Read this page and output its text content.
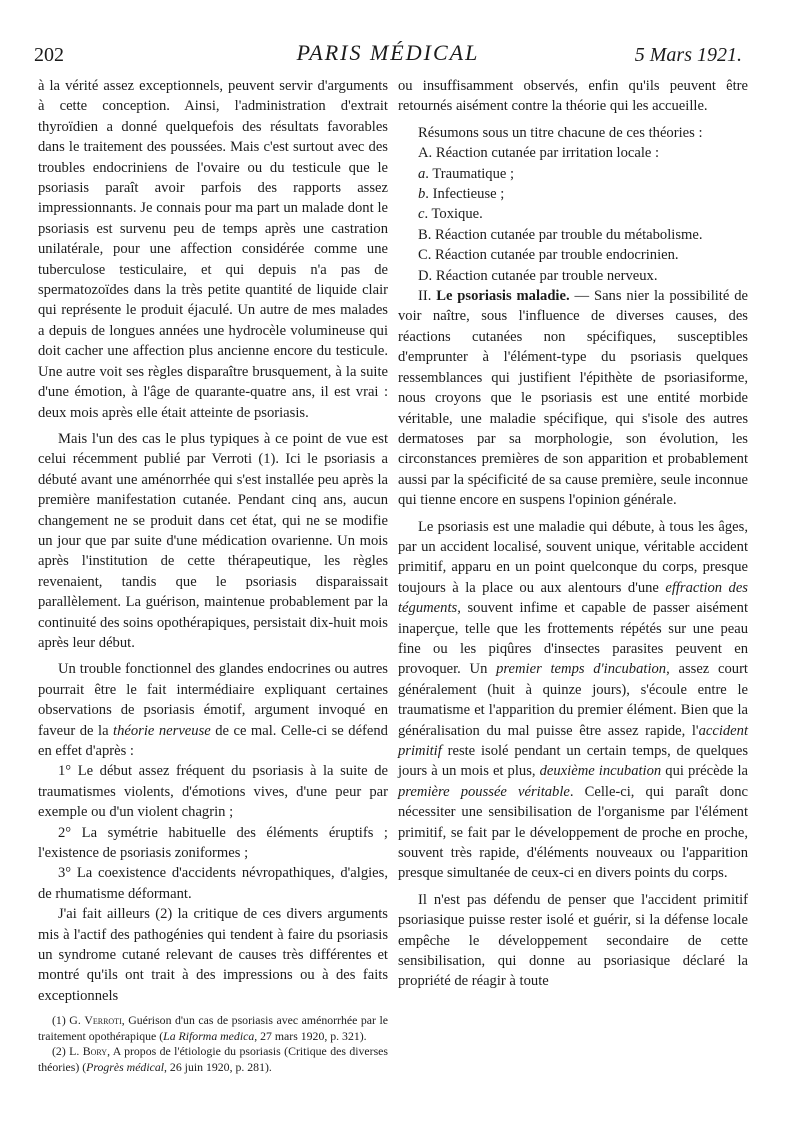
202	PARIS MÉDICAL	5 Mars 1921.

à la vérité assez exceptionnels, peuvent servir d'arguments à cette conception. Ainsi, l'administration d'extrait thyroïdien a donné quelquefois des résultats favorables dans le traitement des poussées. Mais c'est surtout avec des troubles endocriniens de l'ovaire ou du testicule que le psoriasis paraît avoir parfois des rapports assez impressionnants. Je connais pour ma part un malade dont le psoriasis est survenu peu de temps après une castration unilatérale, pour une affection considérée comme une tuberculose testiculaire, et qui depuis n'a pas de spermatozoïdes dans la très petite quantité de liquide clair qui représente le produit éjaculé. Un autre de mes malades a depuis de longues années une hydrocèle volumineuse qui doit cacher une affection plus ancienne encore du testicule. Une autre voit ses règles disparaître brusquement, à la suite d'une émotion, à l'âge de quarante-quatre ans, il est vrai : deux mois après elle était atteinte de psoriasis.

Mais l'un des cas le plus typiques à ce point de vue est celui récemment publié par Verroti (1). Ici le psoriasis a débuté avant une aménorrhée qui s'est installée peu après la première manifestation cutanée. Pendant cinq ans, aucun changement ne se produit dans cet état, qui ne se modifie un jour que par suite d'une médication ovarienne. Un mois après l'institution de cette thérapeutique, les règles revenaient, tandis que le psoriasis disparaissait parallèlement. La guérison, maintenue probablement par la continuité des soins opothérapiques, persistait dix-huit mois après leur début.

Un trouble fonctionnel des glandes endocrines ou autres pourrait être le fait intermédiaire expliquant certaines observations de psoriasis émotif, argument invoqué en faveur de la théorie nerveuse de ce mal. Celle-ci se défend en effet d'après :

1° Le début assez fréquent du psoriasis à la suite de traumatismes violents, d'émotions vives, d'une peur par exemple ou d'un violent chagrin ;

2° La symétrie habituelle des éléments éruptifs ; l'existence de psoriasis zoniformes ;

3° La coexistence d'accidents névropathiques, d'algies, de rhumatisme déformant.

J'ai fait ailleurs (2) la critique de ces divers arguments mis à l'actif des pathogénies qui tendent à faire du psoriasis un syndrome cutané relevant de causes très différentes et montré qu'ils ont trait à des impressions ou à des faits exceptionnels

(1) G. Verroti, Guérison d'un cas de psoriasis avec aménorrhée par le traitement opothérapique (La Riforma medica, 27 mars 1920, p. 321).

(2) L. Bory, A propos de l'étiologie du psoriasis (Critique des diverses théories) (Progrès médical, 26 juin 1920, p. 281).

ou insuffisamment observés, enfin qu'ils peuvent être retournés aisément contre la théorie qui les accueille.

Résumons sous un titre chacune de ces théories :

A. Réaction cutanée par irritation locale :

a. Traumatique ;

b. Infectieuse ;

c. Toxique.

B. Réaction cutanée par trouble du métabolisme.

C. Réaction cutanée par trouble endocrinien.

D. Réaction cutanée par trouble nerveux.

II. Le psoriasis maladie. — Sans nier la possibilité de voir naître, sous l'influence de diverses causes, des réactions cutanées non spécifiques, susceptibles d'emprunter à l'élément-type du psoriasis quelques ressemblances qui justifient l'épithète de psoriasiforme, nous croyons que le psoriasis est une entité morbide véritable, une maladie spécifique, qui s'isole des autres dermatoses par sa morphologie, son évolution, les circonstances premières de son apparition et probablement aussi par la spécificité de sa cause première, seule inconnue qui tienne encore en suspens l'opinion générale.

Le psoriasis est une maladie qui débute, à tous les âges, par un accident localisé, souvent unique, véritable accident primitif, apparu en un point quelconque du corps, presque toujours à la place ou aux alentours d'une effraction des téguments, souvent infime et capable de passer aisément inaperçue, telle que les frottements répétés sur une peau fine ou les piqûres d'insectes parasites peuvent en provoquer. Un premier temps d'incubation, assez court généralement (huit à quinze jours), s'écoule entre le traumatisme et l'apparition du premier élément. Bien que la généralisation du mal puisse être assez rapide, l'accident primitif reste isolé pendant un certain temps, de quelques jours à un mois et plus, deuxième incubation qui précède la première poussée véritable. Celle-ci, qui paraît donc nécessiter une sensibilisation de l'organisme par l'élément primitif, se fait par le développement de proche en proche, souvent très rapide, d'éléments nouveaux ou l'apparition presque simultanée de ceux-ci en divers points du corps.

Il n'est pas défendu de penser que l'accident primitif psoriasique puisse rester isolé et guérir, si la défense locale empêche le développement secondaire de cette sensibilisation, qui donne au psoriasique déclaré la propriété de réagir à toute
